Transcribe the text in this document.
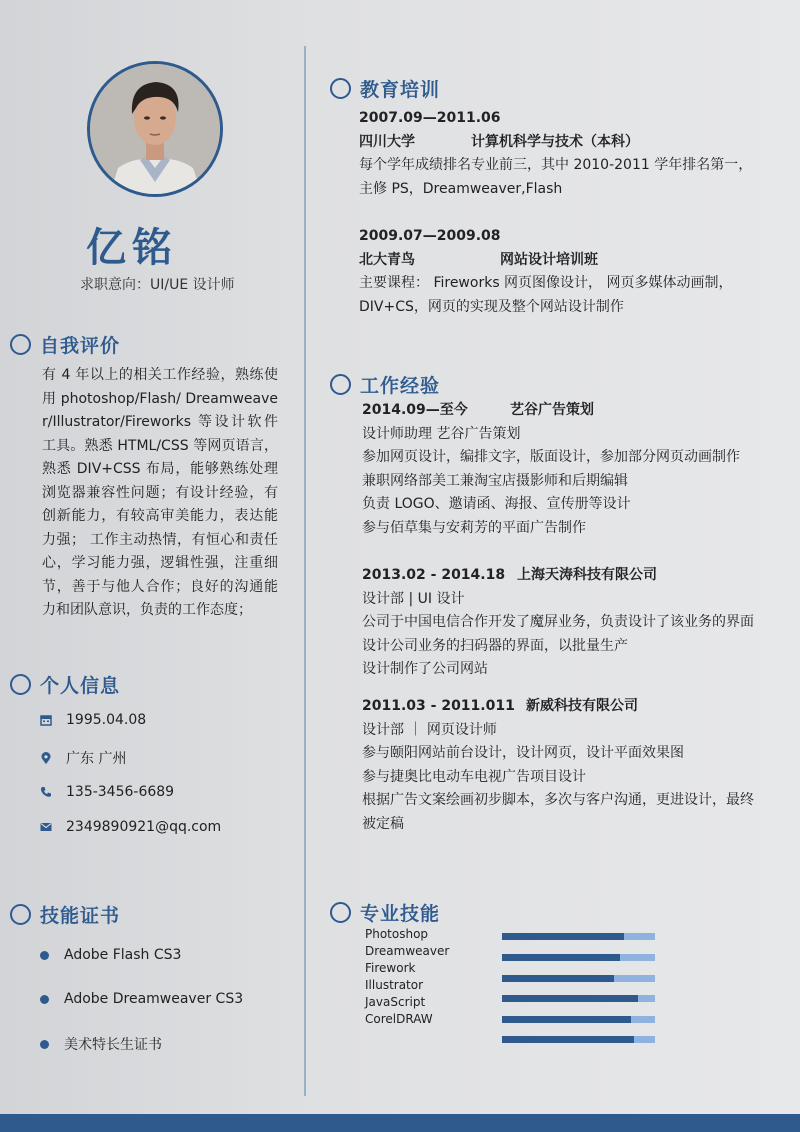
亿铭
求职意向：UI/UE 设计师
自我评价
有 4 年以上的相关工作经验，熟练使用 photoshop/Flash/ Dreamweaver/Illustrator/Fireworks 等设计软件工具。熟悉 HTML/CSS 等网页语言，熟悉 DIV+CSS 布局，能够熟练处理浏览器兼容性问题；有设计经验，有创新能力，有较高审美能力，表达能力强； 工作主动热情，有恒心和责任心，学习能力强，逻辑性强，注重细节，善于与他人合作；良好的沟通能力和团队意识，负责的工作态度；
个人信息
1995.04.08
广东 广州
135-3456-6689
2349890921@qq.com
技能证书
Adobe Flash CS3
Adobe Dreamweaver CS3
美术特长生证书
教育培训
2007.09—2011.06
四川大学	计算机科学与技术（本科）
每个学年成绩排名专业前三，其中 2010-2011 学年排名第一，
主修 PS，Dreamweaver,Flash
2009.07—2009.08
北大青鸟	网站设计培训班
主要课程： Fireworks 网页图像设计， 网页多媒体动画制，
DIV+CS，网页的实现及整个网站设计制作
工作经验
2014.09—至今	艺谷广告策划
设计师助理 艺谷广告策划
参加网页设计，编排文字，版面设计，参加部分网页动画制作
兼职网络部美工兼淘宝店摄影师和后期编辑
负责 LOGO、邀请函、海报、宣传册等设计
参与佰草集与安莉芳的平面广告制作
2013.02 - 2014.18 上海天涛科技有限公司
设计部 | UI 设计
公司于中国电信合作开发了魔屏业务，负责设计了该业务的界面
设计公司业务的扫码器的界面，以批量生产
设计制作了公司网站
2011.03 - 2011.011 新威科技有限公司
设计部 ｜ 网页设计师
参与颐阳网站前台设计，设计网页，设计平面效果图
参与捷奥比电动车电视广告项目设计
根据广告文案绘画初步脚本，多次与客户沟通，更进设计，最终
被定稿
专业技能
Photoshop
Dreamweaver
Firework
Illustrator
JavaScript
CorelDRAW
